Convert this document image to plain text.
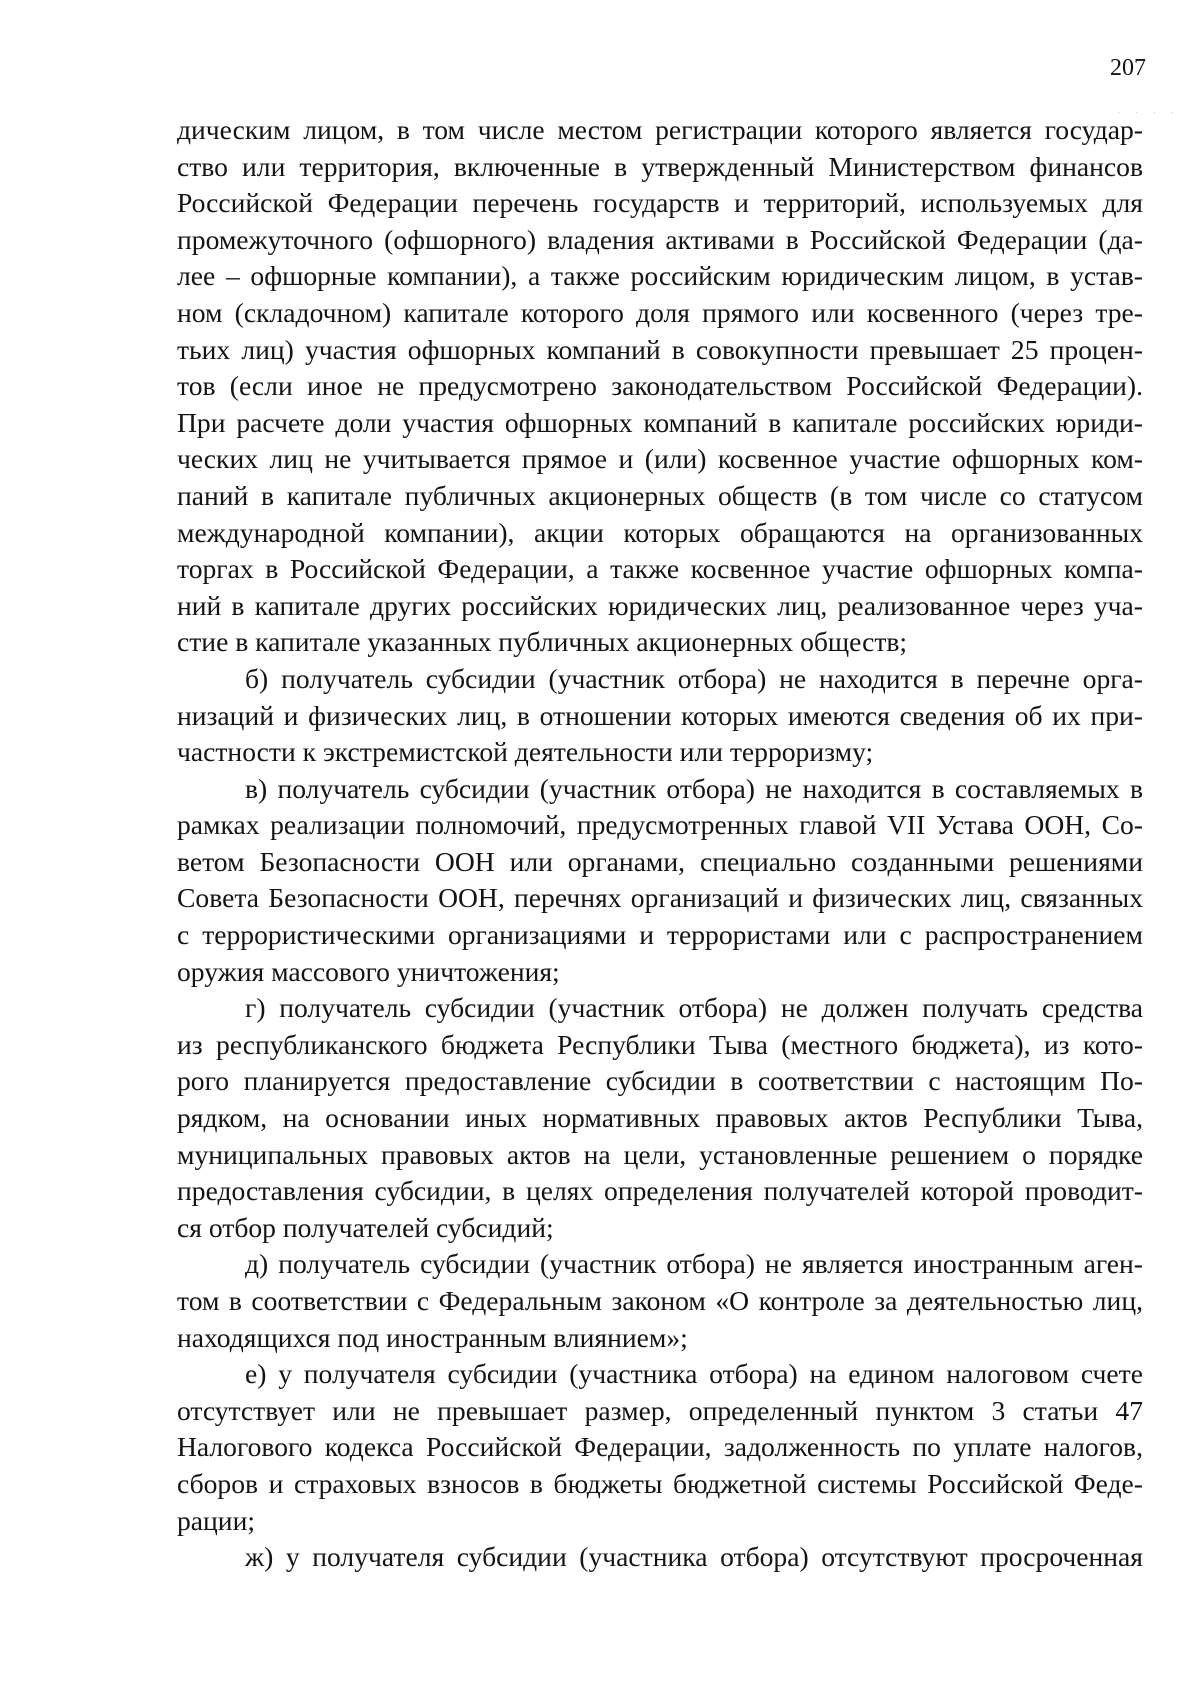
207
· · · ·
дическим лицом, в том числе местом регистрации которого является государ-
ство или территория, включенные в утвержденный Министерством финансов
Российской Федерации перечень государств и территорий, используемых для
промежуточного (офшорного) владения активами в Российской Федерации (да-
лее – офшорные компании), а также российским юридическим лицом, в устав-
ном (складочном) капитале которого доля прямого или косвенного (через тре-
тьих лиц) участия офшорных компаний в совокупности превышает 25 процен-
тов (если иное не предусмотрено законодательством Российской Федерации).
При расчете доли участия офшорных компаний в капитале российских юриди-
ческих лиц не учитывается прямое и (или) косвенное участие офшорных ком-
паний в капитале публичных акционерных обществ (в том числе со статусом
международной компании), акции которых обращаются на организованных
торгах в Российской Федерации, а также косвенное участие офшорных компа-
ний в капитале других российских юридических лиц, реализованное через уча-
стие в капитале указанных публичных акционерных обществ;
б) получатель субсидии (участник отбора) не находится в перечне орга-
низаций и физических лиц, в отношении которых имеются сведения об их при-
частности к экстремистской деятельности или терроризму;
в) получатель субсидии (участник отбора) не находится в составляемых в
рамках реализации полномочий, предусмотренных главой VII Устава ООН, Со-
ветом Безопасности ООН или органами, специально созданными решениями
Совета Безопасности ООН, перечнях организаций и физических лиц, связанных
с террористическими организациями и террористами или с распространением
оружия массового уничтожения;
г) получатель субсидии (участник отбора) не должен получать средства
из республиканского бюджета Республики Тыва (местного бюджета), из кото-
рого планируется предоставление субсидии в соответствии с настоящим По-
рядком, на основании иных нормативных правовых актов Республики Тыва,
муниципальных правовых актов на цели, установленные решением о порядке
предоставления субсидии, в целях определения получателей которой проводит-
ся отбор получателей субсидий;
д) получатель субсидии (участник отбора) не является иностранным аген-
том в соответствии с Федеральным законом «О контроле за деятельностью лиц,
находящихся под иностранным влиянием»;
е) у получателя субсидии (участника отбора) на едином налоговом счете
отсутствует или не превышает размер, определенный пунктом 3 статьи 47
Налогового кодекса Российской Федерации, задолженность по уплате налогов,
сборов и страховых взносов в бюджеты бюджетной системы Российской Феде-
рации;
ж) у получателя субсидии (участника отбора) отсутствуют просроченная
